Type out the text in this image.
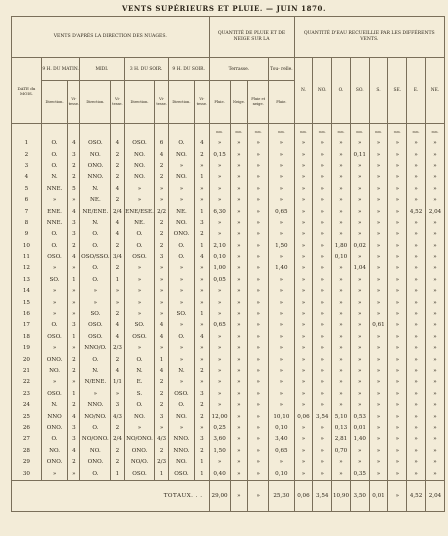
VENTS SUPÉRIEURS ET PLUIE. — JUIN 1870.
VENTS D'APRÈS LA DIRECTION DES NUAGES.									QUANTITÉ DE PLUIE ET DE NEIGE SUR LA				QUANTITÉ D'EAU RECUEILLIE PAR LES DIFFÉRENTS VENTS.							
DATE du MOIS.	9 H. DU MATIN.		MIDI.		3 H. DU SOIR.		9 H. DU SOIR.		Terrasse.			Tou- relle.	N.	NO.	O.	SO.	S.	SE.	E.	NE.
	Direction.	Vi- tesse.	Direction.	Vi- tesse.	Direction.	Vi- tesse.	Direction.	Vi- tesse.	Pluie.	Neige.	Pluie et neige.	Pluie.								
									mm.	mm.	mm.	mm.	mm.	mm.	mm.	mm.	mm.	mm.	mm.	mm.
1	O.	4	OSO.	4	OSO.	6	O.	4	»	»	»	»	»	»	»	»	»	»	»	»
2	O.	3	NO.	2	NO.	4	NO.	2	0,15	»	»	»	»	»	»	0,11	»	»	»	»
3	O.	2	ONO.	2	NO.	2	»	»	»	»	»	»	»	»	»	»	»	»	»	»
4	N.	2	NNO.	2	NO.	2	NO.	1	»	»	»	»	»	»	»	»	»	»	»	»
5	NNE.	5	N.	4	»	»	»	»	»	»	»	»	»	»	»	»	»	»	»	»
6	»	»	NE.	2	»	»	»	»	»	»	»	»	»	»	»	»	»	»	»	»
7	ENE.	4	NE/ENE.	2/4	ENE/ESE.	2/2	NE.	1	6,30	»	»	0,65	»	»	»	»	»	»	4,52	2,04
8	NNE.	3	N.	4	NE.	2	NO.	3	»	»	»	»	»	»	»	»	»	»	»	»
9	O.	3	O.	4	O.	2	ONO.	2	»	»	»	»	»	»	»	»	»	»	»	»
10	O.	2	O.	2	O.	2	O.	1	2,10	»	»	1,50	»	»	1,80	0,02	»	»	»	»
11	OSO.	4	OSO/SSO.	3/4	OSO.	3	O.	4	0,10	»	»	»	»	»	0,10	»	»	»	»	»
12	»	»	O.	2	»	»	»	»	1,00	»	»	1,40	»	»	»	1,04	»	»	»	»
13	SO.	1	O.	1	»	»	»	»	0,05	»	»	»	»	»	»	»	»	»	»	»
14	»	»	»	»	»	»	»	»	»	»	»	»	»	»	»	»	»	»	»	»
15	»	»	»	»	»	»	»	»	»	»	»	»	»	»	»	»	»	»	»	»
16	»	»	SO.	2	»	»	SO.	1	»	»	»	»	»	»	»	»	»	»	»	»
17	O.	3	OSO.	4	SO.	4	»	»	0,65	»	»	»	»	»	»	»	0,61	»	»	»
18	OSO.	1	OSO.	4	OSO.	4	O.	4	»	»	»	»	»	»	»	»	»	»	»	»
19	»	»	NNO/O.	2/3	»	»	»	»	»	»	»	»	»	»	»	»	»	»	»	»
20	ONO.	2	O.	2	O.	1	»	»	»	»	»	»	»	»	»	»	»	»	»	»
21	NO.	2	N.	4	N.	4	N.	2	»	»	»	»	»	»	»	»	»	»	»	»
22	»	»	N/ENE.	1/1	E.	2	»	»	»	»	»	»	»	»	»	»	»	»	»	»
23	OSO.	1	»	»	S.	2	OSO.	3	»	»	»	»	»	»	»	»	»	»	»	»
24	N.	2	NNO.	3	O.	2	O.	2	»	»	»	»	»	»	»	»	»	»	»	»
25	NNO	4	NO/NO.	4/3	NO.	3	NO.	2	12,00	»	»	10,10	0,06	3,54	5,10	0,53	»	»	»	»
26	ONO.	3	O.	2	»	»	»	»	0,25	»	»	0,10	»	»	0,13	0,01	»	»	»	»
27	O.	3	NO/ONO.	2/4	NO/ONO.	4/3	NNO.	3	3,60	»	»	3,40	»	»	2,81	1,40	»	»	»	»
28	NO.	4	NO.	2	ONO.	2	NNO.	2	1,50	»	»	0,65	»	»	0,70	»	»	»	»	»
29	ONO.	2	ONO.	2	NO/O.	2/3	NO.	1	»	»	»	»	»	»	»	»	»	»	»	»
30	»	»	O.	1	OSO.	1	OSO.	1	0,40	»	»	0,10	»	»	»	0,35	»	»	»	»
TOTAUX. . .									29,00	»	»	25,30	0,06	3,54	10,90	3,50	0,01	»	4,52	2,04
